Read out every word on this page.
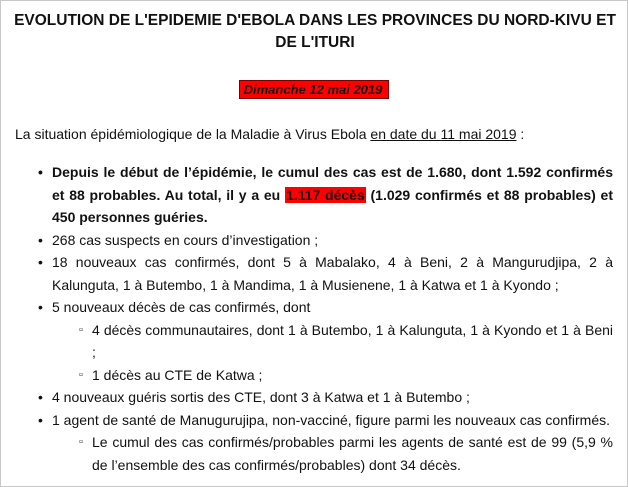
EVOLUTION DE L'EPIDEMIE D'EBOLA DANS LES PROVINCES DU NORD-KIVU ET DE L'ITURI
Dimanche 12 mai 2019

La situation épidémiologique de la Maladie à Virus Ebola en date du 11 mai 2019 :

• Depuis le début de l’épidémie, le cumul des cas est de 1.680, dont 1.592 confirmés et 88 probables. Au total, il y a eu 1.117 décès (1.029 confirmés et 88 probables) et 450 personnes guéries.
• 268 cas suspects en cours d’investigation ;
• 18 nouveaux cas confirmés, dont 5 à Mabalako, 4 à Beni, 2 à Mangurudjipa, 2 à Kalunguta, 1 à Butembo, 1 à Mandima, 1 à Musienene, 1 à Katwa et 1 à Kyondo ;
• 5 nouveaux décès de cas confirmés, dont
▫ 4 décès communautaires, dont 1 à Butembo, 1 à Kalunguta, 1 à Kyondo et 1 à Beni ;
▫ 1 décès au CTE de Katwa ;
• 4 nouveaux guéris sortis des CTE, dont 3 à Katwa et 1 à Butembo ;
• 1 agent de santé de Manugurujipa, non-vacciné, figure parmi les nouveaux cas confirmés.
▫ Le cumul des cas confirmés/probables parmi les agents de santé est de 99 (5,9 % de l’ensemble des cas confirmés/probables) dont 34 décès.
